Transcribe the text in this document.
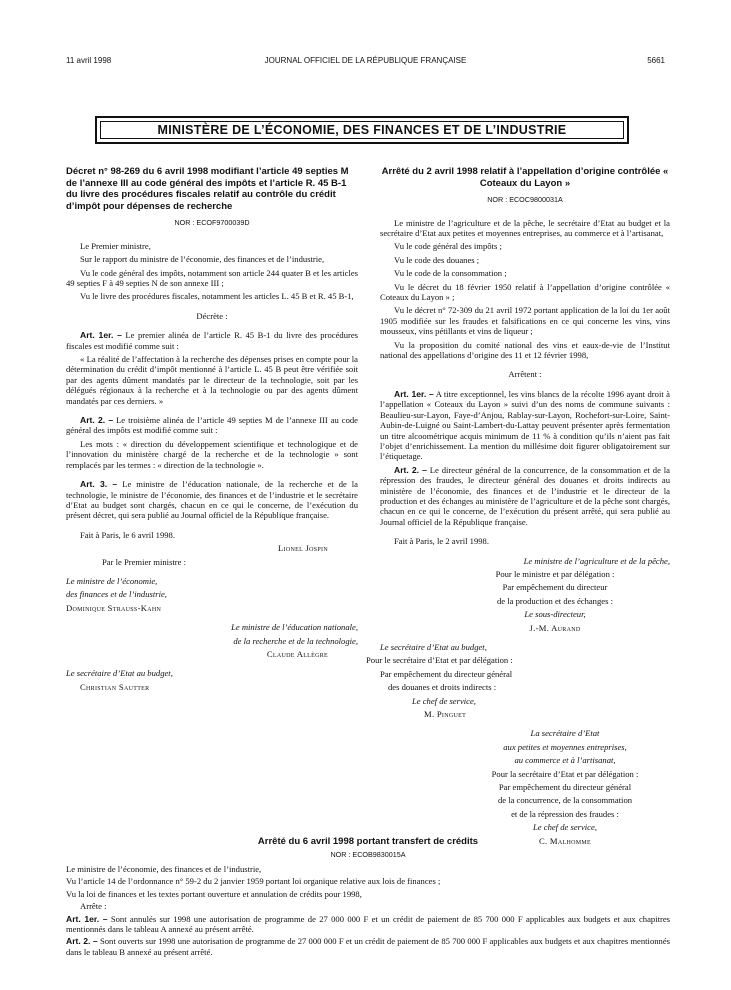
11 avril 1998	JOURNAL OFFICIEL DE LA RÉPUBLIQUE FRANÇAISE	5661
MINISTÈRE DE L’ÉCONOMIE, DES FINANCES ET DE L’INDUSTRIE
Décret n° 98-269 du 6 avril 1998 modifiant l’article 49 septies M de l’annexe III au code général des impôts et l’article R. 45 B-1 du livre des procédures fiscales relatif au contrôle du crédit d’impôt pour dépenses de recherche
NOR : ECOF9700039D

Le Premier ministre,

Sur le rapport du ministre de l’économie, des finances et de l’industrie,

Vu le code général des impôts, notamment son article 244 quater B et les articles 49 septies F à 49 septies N de son annexe III ;

Vu le livre des procédures fiscales, notamment les articles L. 45 B et R. 45 B-1,

Décrète :

Art. 1er. – Le premier alinéa de l’article R. 45 B-1 du livre des procédures fiscales est modifié comme suit :

« La réalité de l’affectation à la recherche des dépenses prises en compte pour la détermination du crédit d’impôt mentionné à l’article L. 45 B peut être vérifiée soit par des agents dûment mandatés par le directeur de la technologie, soit par les délégués régionaux à la recherche et à la technologie ou par des agents dûment mandatés par ces derniers. »

Art. 2. – Le troisième alinéa de l’article 49 septies M de l’annexe III au code général des impôts est modifié comme suit :

Les mots : « direction du développement scientifique et technologique et de l’innovation du ministère chargé de la recherche et de la technologie » sont remplacés par les termes : « direction de la technologie ».

Art. 3. – Le ministre de l’éducation nationale, de la recherche et de la technologie, le ministre de l’économie, des finances et de l’industrie et le secrétaire d’Etat au budget sont chargés, chacun en ce qui le concerne, de l’exécution du présent décret, qui sera publié au Journal officiel de la République française.

Fait à Paris, le 6 avril 1998.

Lionel Jospin

Par le Premier ministre :

Le ministre de l’économie,

des finances et de l’industrie,

Dominique Strauss-Kahn

Le ministre de l’éducation nationale,

de la recherche et de la technologie,

Claude Allègre

Le secrétaire d’Etat au budget,

Christian Sautter

Arrêté du 2 avril 1998 relatif à l’appellation d’origine contrôlée « Coteaux du Layon »
NOR : ECOC9800031A

Le ministre de l’agriculture et de la pêche, le secrétaire d’Etat au budget et la secrétaire d’Etat aux petites et moyennes entreprises, au commerce et à l’artisanat,

Vu le code général des impôts ;

Vu le code des douanes ;

Vu le code de la consommation ;

Vu le décret du 18 février 1950 relatif à l’appellation d’origine contrôlée « Coteaux du Layon » ;

Vu le décret n° 72-309 du 21 avril 1972 portant application de la loi du 1er août 1905 modifiée sur les fraudes et falsifications en ce qui concerne les vins, vins mousseux, vins pétillants et vins de liqueur ;

Vu la proposition du comité national des vins et eaux-de-vie de l’Institut national des appellations d’origine des 11 et 12 février 1998,

Arrêtent :

Art. 1er. – A titre exceptionnel, les vins blancs de la récolte 1996 ayant droit à l’appellation « Coteaux du Layon » suivi d’un des noms de commune suivants : Beaulieu-sur-Layon, Faye-d’Anjou, Rablay-sur-Layon, Rochefort-sur-Loire, Saint-Aubin-de-Luigné ou Saint-Lambert-du-Lattay peuvent présenter après fermentation un titre alcoométrique acquis minimum de 11 % à condition qu’ils n’aient pas fait l’objet d’enrichissement. La mention du millésime doit figurer obligatoirement sur l’étiquetage.

Art. 2. – Le directeur général de la concurrence, de la consommation et de la répression des fraudes, le directeur général des douanes et droits indirects au ministère de l’économie, des finances et de l’industrie et le directeur de la production et des échanges au ministère de l’agriculture et de la pêche sont chargés, chacun en ce qui le concerne, de l’exécution du présent arrêté, qui sera publié au Journal officiel de la République française.

Fait à Paris, le 2 avril 1998.

Le ministre de l’agriculture et de la pêche,

Pour le ministre et par délégation :

Par empêchement du directeur

de la production et des échanges :

Le sous-directeur,

J.-M. Aurand

Le secrétaire d’Etat au budget,

Pour le secrétaire d’Etat et par délégation :

Par empêchement du directeur général

des douanes et droits indirects :

Le chef de service,

M. Pinguet

La secrétaire d’Etat

aux petites et moyennes entreprises,

au commerce et à l’artisanat,

Pour la secrétaire d’Etat et par délégation :

Par empêchement du directeur général

de la concurrence, de la consommation

et de la répression des fraudes :

Le chef de service,

C. Malhomme

Arrêté du 6 avril 1998 portant transfert de crédits
NOR : ECOB9830015A

Le ministre de l’économie, des finances et de l’industrie,

Vu l’article 14 de l’ordonnance n° 59-2 du 2 janvier 1959 portant loi organique relative aux lois de finances ;

Vu la loi de finances et les textes portant ouverture et annulation de crédits pour 1998,

Arrête :

Art. 1er. – Sont annulés sur 1998 une autorisation de programme de 27 000 000 F et un crédit de paiement de 85 700 000 F applicables aux budgets et aux chapitres mentionnés dans le tableau A annexé au présent arrêté.

Art. 2. – Sont ouverts sur 1998 une autorisation de programme de 27 000 000 F et un crédit de paiement de 85 700 000 F applicables aux budgets et aux chapitres mentionnés dans le tableau B annexé au présent arrêté.
